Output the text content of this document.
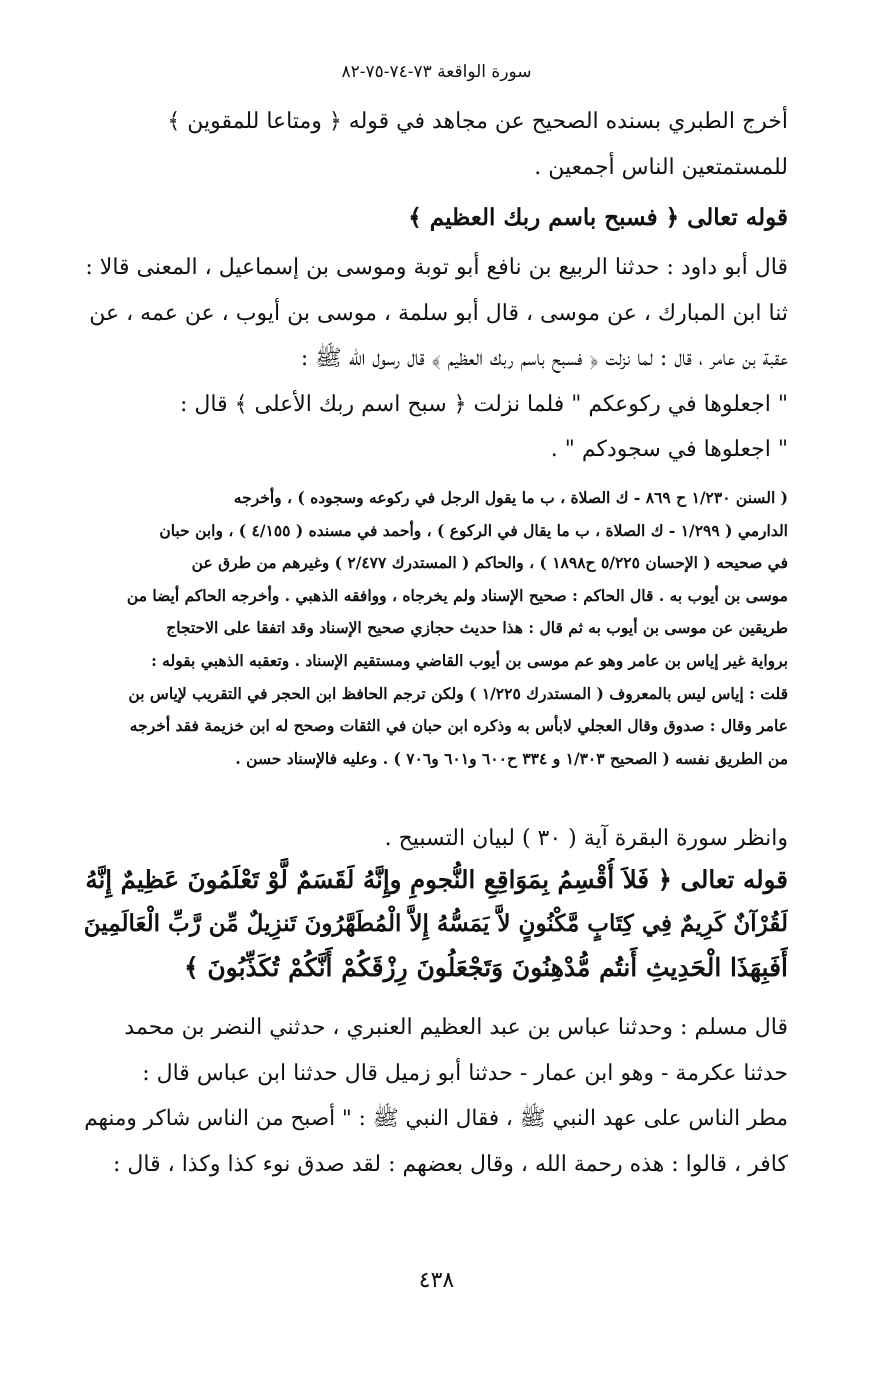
سورة الواقعة ٧٣-٧٤-٧٥-٨٢
أخرج الطبري بسنده الصحيح عن مجاهد في قوله ﴿ ومتاعا للمقوين ﴾
للمستمتعين الناس أجمعين .
قوله تعالى ﴿ فسبح باسم ربك العظيم ﴾
قال أبو داود : حدثنا الربيع بن نافع أبو توبة وموسى بن إسماعيل ، المعنى قالا :
ثنا ابن المبارك ، عن موسى ، قال أبو سلمة ، موسى بن أيوب ، عن عمه ، عن
عقبة بن عامر ، قال : لما نزلت ﴿ فسبح باسم ربك العظيم ﴾ قال رسول الله ﷺ :
" اجعلوها في ركوعكم " فلما نزلت ﴿ سبح اسم ربك الأعلى ﴾ قال :
" اجعلوها في سجودكم " .
( السنن ١/٢٣٠ ح ٨٦٩ - ك الصلاة ، ب ما يقول الرجل في ركوعه وسجوده ) ، وأخرجه
الدارمي ( ١/٢٩٩ - ك الصلاة ، ب ما يقال في الركوع ) ، وأحمد في مسنده ( ٤/١٥٥ ) ، وابن حبان
في صحيحه ( الإحسان ٥/٢٢٥ ح١٨٩٨ ) ، والحاكم ( المستدرك ٢/٤٧٧ ) وغيرهم من طرق عن
موسى بن أيوب به . قال الحاكم : صحيح الإسناد ولم يخرجاه ، ووافقه الذهبي . وأخرجه الحاكم أيضا من
طريقين عن موسى بن أيوب به ثم قال : هذا حديث حجازي صحيح الإسناد وقد اتفقا على الاحتجاج
برواية غير إياس بن عامر وهو عم موسى بن أيوب القاضي ومستقيم الإسناد . وتعقبه الذهبي بقوله :
قلت : إياس ليس بالمعروف ( المستدرك ١/٢٢٥ ) ولكن ترجم الحافظ ابن الحجر في التقريب لإياس بن
عامر وقال : صدوق وقال العجلي لابأس به وذكره ابن حبان في الثقات وصحح له ابن خزيمة فقد أخرجه
من الطريق نفسه ( الصحيح ١/٣٠٣ و ٣٣٤ ح٦٠٠ و٦٠١ و٧٠٦ ) . وعليه فالإسناد حسن .
وانظر سورة البقرة آية ( ٣٠ ) لبيان التسبيح .
قوله تعالى ﴿ فَلاَ أُقْسِمُ بِمَوَاقِعِ النُّجومِ وإِنَّهُ لَقَسَمٌ لَّوْ تَعْلَمُونَ عَظِيمٌ إِنَّهُ
لَقُرْآنٌ كَرِيمٌ فِي كِتَابٍ مَّكْنُونٍ لاَّ يَمَسُّهُ إِلاَّ الْمُطَهَّرُونَ تَنزِيلٌ مِّن رَّبِّ الْعَالَمِينَ
أَفَبِهَذَا الْحَدِيثِ أَنتُم مُّدْهِنُونَ وَتَجْعَلُونَ رِزْقَكُمْ أَنَّكُمْ تُكَذِّبُونَ ﴾
قال مسلم : وحدثنا عباس بن عبد العظيم العنبري ، حدثني النضر بن محمد
حدثنا عكرمة - وهو ابن عمار - حدثنا أبو زميل قال حدثنا ابن عباس قال :
مطر الناس على عهد النبي ﷺ ، فقال النبي ﷺ : " أصبح من الناس شاكر ومنهم
كافر ، قالوا : هذه رحمة الله ، وقال بعضهم : لقد صدق نوء كذا وكذا ، قال :
٤٣٨
